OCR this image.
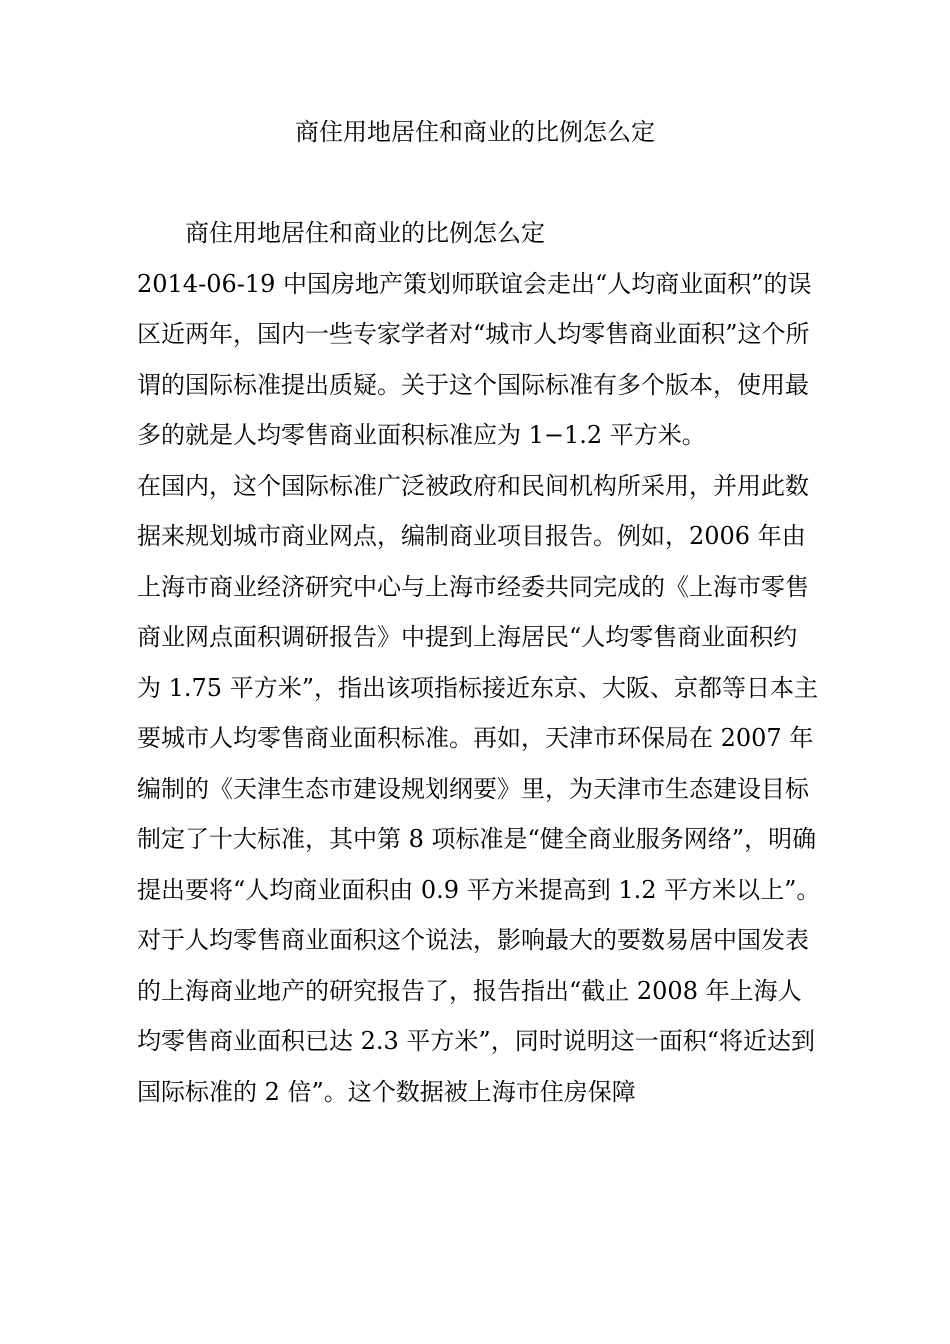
商住用地居住和商业的比例怎么定

商住用地居住和商业的比例怎么定

2014-06-19 中国房地产策划师联谊会走出“人均商业面积”的误区近两年，国内一些专家学者对“城市人均零售商业面积”这个所谓的国际标准提出质疑。关于这个国际标准有多个版本，使用最多的就是人均零售商业面积标准应为 1−1.2 平方米。

在国内，这个国际标准广泛被政府和民间机构所采用，并用此数据来规划城市商业网点，编制商业项目报告。例如，2006 年由上海市商业经济研究中心与上海市经委共同完成的《上海市零售商业网点面积调研报告》中提到上海居民“人均零售商业面积约为 1.75 平方米”，指出该项指标接近东京、大阪、京都等日本主要城市人均零售商业面积标准。再如，天津市环保局在 2007 年编制的《天津生态市建设规划纲要》里，为天津市生态建设目标制定了十大标准，其中第 8 项标准是“健全商业服务网络”，明确提出要将“人均商业面积由 0.9 平方米提高到 1.2 平方米以上”。

对于人均零售商业面积这个说法，影响最大的要数易居中国发表的上海商业地产的研究报告了，报告指出“截止 2008 年上海人均零售商业面积已达 2.3 平方米”，同时说明这一面积“将近达到国际标准的 2 倍”。这个数据被上海市住房保障
